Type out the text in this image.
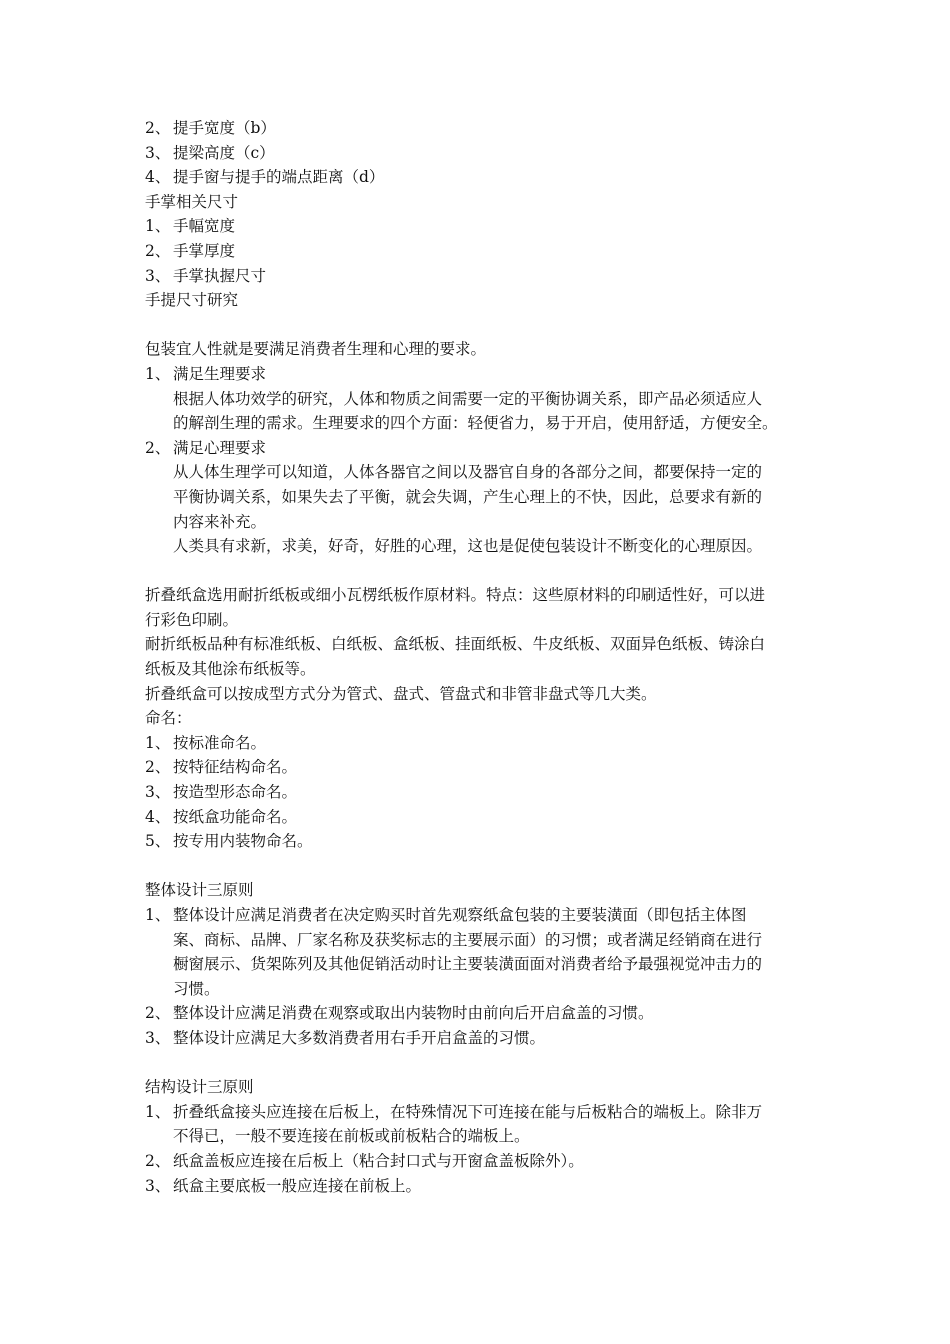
2、 提手宽度（b）
3、 提梁高度（c）
4、 提手窗与提手的端点距离（d）
手掌相关尺寸
1、 手幅宽度
2、 手掌厚度
3、 手掌执握尺寸
手提尺寸研究
包装宜人性就是要满足消费者生理和心理的要求。
1、 满足生理要求
根据人体功效学的研究，人体和物质之间需要一定的平衡协调关系，即产品必须适应人
的解剖生理的需求。生理要求的四个方面：轻便省力，易于开启，使用舒适，方便安全。
2、 满足心理要求
从人体生理学可以知道，人体各器官之间以及器官自身的各部分之间，都要保持一定的
平衡协调关系，如果失去了平衡，就会失调，产生心理上的不快，因此，总要求有新的
内容来补充。
人类具有求新，求美，好奇，好胜的心理，这也是促使包装设计不断变化的心理原因。
折叠纸盒选用耐折纸板或细小瓦楞纸板作原材料。特点：这些原材料的印刷适性好，可以进
行彩色印刷。
耐折纸板品种有标准纸板、白纸板、盒纸板、挂面纸板、牛皮纸板、双面异色纸板、铸涂白
纸板及其他涂布纸板等。
折叠纸盒可以按成型方式分为管式、盘式、管盘式和非管非盘式等几大类。
命名：
1、 按标准命名。
2、 按特征结构命名。
3、 按造型形态命名。
4、 按纸盒功能命名。
5、 按专用内装物命名。
整体设计三原则
1、 整体设计应满足消费者在决定购买时首先观察纸盒包装的主要装潢面（即包括主体图
案、商标、品牌、厂家名称及获奖标志的主要展示面）的习惯；或者满足经销商在进行
橱窗展示、货架陈列及其他促销活动时让主要装潢面面对消费者给予最强视觉冲击力的
习惯。
2、 整体设计应满足消费在观察或取出内装物时由前向后开启盒盖的习惯。
3、 整体设计应满足大多数消费者用右手开启盒盖的习惯。
结构设计三原则
1、 折叠纸盒接头应连接在后板上，在特殊情况下可连接在能与后板粘合的端板上。除非万
不得已，一般不要连接在前板或前板粘合的端板上。
2、 纸盒盖板应连接在后板上（粘合封口式与开窗盒盖板除外）。
3、 纸盒主要底板一般应连接在前板上。
